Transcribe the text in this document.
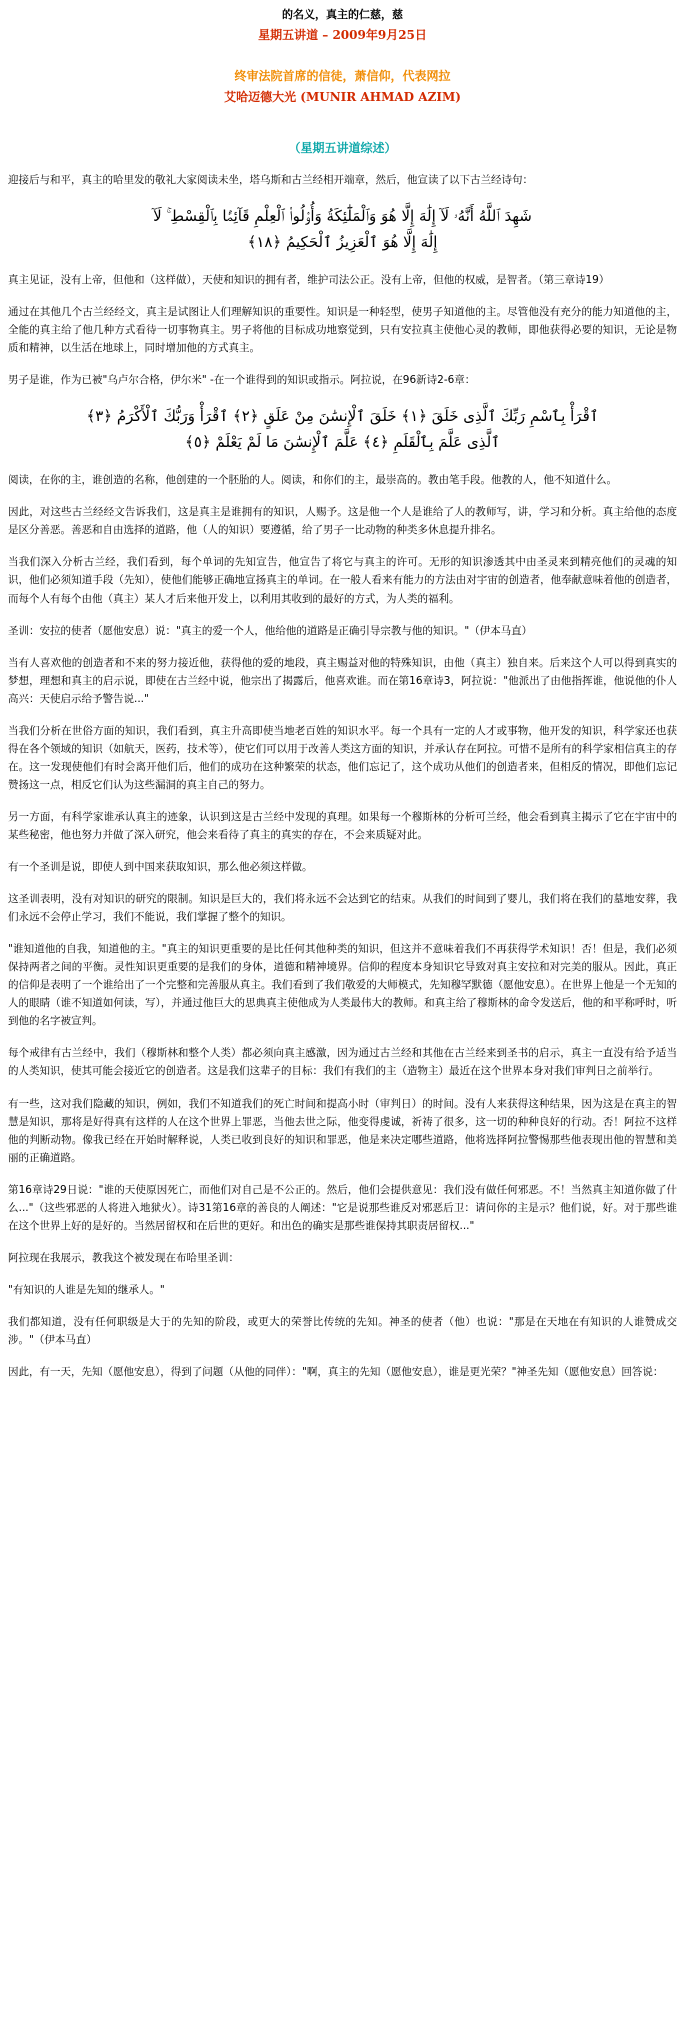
的名义，真主的仁慈，慈

星期五讲道 – 2009年9月25日

终审法院首席的信徒，萧信仰，代表网拉

艾哈迈德大光 (MUNIR AHMAD AZIM)

（星期五讲道综述）

迎接后与和平，真主的哈里发的敬礼大家阅读未坐，塔乌斯和古兰经相开端章，然后，他宣读了以下古兰经诗句：

شَهِدَ ٱللَّهُ أَنَّهُۥ لَآ إِلَٰهَ إِلَّا هُوَ وَٱلْمَلَٰٓئِكَةُ وَأُو۟لُوا۟ ٱلْعِلْمِ قَآئِمًۢا بِٱلْقِسْطِ ۚ لَآ
إِلَٰهَ إِلَّا هُوَ ٱلْعَزِيزُ ٱلْحَكِيمُ ﴿١٨﴾

真主见证，没有上帝，但他和（这样做），天使和知识的拥有者，维护司法公正。没有上帝，但他的权威，是智者。（第三章诗19）

通过在其他几个古兰经经文，真主是试图让人们理解知识的重要性。知识是一种轻型，使男子知道他的主。尽管他没有充分的能力知道他的主，全能的真主给了他几种方式看待一切事物真主。男子将他的目标成功地察觉到，只有安拉真主使他心灵的教师，即他获得必要的知识，无论是物质和精神，以生活在地球上，同时增加他的方式真主。

男子是谁，作为已被"乌卢尔合格，伊尔米" -在一个谁得到的知识或指示。阿拉说，在96新诗2-6章：

ٱقْرَأْ بِٱسْمِ رَبِّكَ ٱلَّذِى خَلَقَ ﴿١﴾ خَلَقَ ٱلْإِنسَٰنَ مِنْ عَلَقٍ ﴿٢﴾ ٱقْرَأْ وَرَبُّكَ ٱلْأَكْرَمُ ﴿٣﴾
ٱلَّذِى عَلَّمَ بِٱلْقَلَمِ ﴿٤﴾ عَلَّمَ ٱلْإِنسَٰنَ مَا لَمْ يَعْلَمْ ﴿٥﴾

阅读，在你的主，谁创造的名称，他创建的一个胚胎的人。阅读，和你们的主，最崇高的。教由笔手段。他教的人，他不知道什么。

因此，对这些古兰经经文告诉我们，这是真主是谁拥有的知识，人赐予。这是他一个人是谁给了人的教师写，讲，学习和分析。真主给他的态度是区分善恶。善恶和自由选择的道路，他（人的知识）要遵循，给了男子一比动物的种类多休息提升排名。

当我们深入分析古兰经，我们看到，每个单词的先知宣告，他宣告了将它与真主的许可。无形的知识渗透其中由圣灵来到精亮他们的灵魂的知识，他们必须知道手段（先知），使他们能够正确地宣扬真主的单词。在一般人看来有能力的方法由对宇宙的创造者，他奉献意味着他的创造者，而每个人有每个由他（真主）某人才后来他开发上，以利用其收到的最好的方式，为人类的福利。

圣训：安拉的使者（愿他安息）说："真主的爱一个人，他给他的道路是正确引导宗教与他的知识。"（伊本马直）

当有人喜欢他的创造者和不来的努力接近他，获得他的爱的地段，真主赐益对他的特殊知识，由他（真主）独自来。后来这个人可以得到真实的梦想，理想和真主的启示说，即使在古兰经中说，他宗出了揭露后，他喜欢谁。而在第16章诗3，阿拉说："他派出了由他指挥谁，他说他的仆人高兴：天使启示给予警告说..."

当我们分析在世俗方面的知识，我们看到，真主升高即使当地老百姓的知识水平。每一个具有一定的人才或事物，他开发的知识，科学家还也获得在各个领域的知识（如航天，医药，技术等），使它们可以用于改善人类这方面的知识，并承认存在阿拉。可惜不是所有的科学家相信真主的存在。这一发现使他们有时会离开他们后，他们的成功在这种繁荣的状态，他们忘记了，这个成功从他们的创造者来，但相反的情况，即他们忘记赞扬这一点，相反它们认为这些漏洞的真主自己的努力。

另一方面，有科学家谁承认真主的迹象，认识到这是古兰经中发现的真理。如果每一个穆斯林的分析可兰经，他会看到真主揭示了它在宇宙中的某些秘密，他也努力并做了深入研究，他会来看待了真主的真实的存在，不会来质疑对此。

有一个圣训是说，即使人到中国来获取知识，那么他必须这样做。

这圣训表明，没有对知识的研究的限制。知识是巨大的，我们将永远不会达到它的结束。从我们的时间到了婴儿，我们将在我们的墓地安葬，我们永远不会停止学习，我们不能说，我们掌握了整个的知识。

"谁知道他的自我，知道他的主。"真主的知识更重要的是比任何其他种类的知识，但这并不意味着我们不再获得学术知识！否！但是，我们必须保持两者之间的平衡。灵性知识更重要的是我们的身体，道德和精神境界。信仰的程度本身知识它导致对真主安拉和对完美的服从。因此，真正的信仰是表明了一个谁给出了一个完整和完善服从真主。我们看到了我们敬爱的大师模式，先知穆罕默德（愿他安息）。在世界上他是一个无知的人的眼睛（谁不知道如何读，写），并通过他巨大的思典真主使他成为人类最伟大的教师。和真主给了穆斯林的命令发送后，他的和平称呼时，听到他的名字被宣判。

每个戒律有古兰经中，我们（穆斯林和整个人类）都必须向真主感激，因为通过古兰经和其他在古兰经来到圣书的启示，真主一直没有给予适当的人类知识，使其可能会接近它的创造者。这是我们这辈子的目标：我们有我们的主（造物主）最近在这个世界本身对我们审判日之前举行。

有一些，这对我们隐藏的知识，例如，我们不知道我们的死亡时间和提高小时（审判日）的时间。没有人来获得这种结果，因为这是在真主的智慧是知识，那将是好得真有这样的人在这个世界上罪恶，当他去世之际，他变得虔诚，祈祷了很多，这一切的种种良好的行动。否！阿拉不这样他的判断动物。像我已经在开始时解释说，人类已收到良好的知识和罪恶，他是来决定哪些道路，他将选择阿拉警惕那些他表现出他的智慧和美丽的正确道路。

第16章诗29日说："谁的天使原因死亡，而他们对自己是不公正的。然后，他们会提供意见：我们没有做任何邪恶。不！当然真主知道你做了什么..."（这些邪恶的人将进入地狱火）。诗31第16章的善良的人阐述："它是说那些谁反对邪恶后卫：请问你的主是示？他们说，好。对于那些谁在这个世界上好的是好的。当然居留权和在后世的更好。和出色的确实是那些谁保持其职责居留权..."

阿拉现在我展示，教我这个被发现在布哈里圣训：

"有知识的人谁是先知的继承人。"

我们都知道，没有任何职级是大于的先知的阶段，或更大的荣誉比传统的先知。神圣的使者（他）也说："那是在天地在有知识的人谁赞成交涉。"（伊本马直）

因此，有一天，先知（愿他安息），得到了问题（从他的同伴）："啊，真主的先知（愿他安息），谁是更光荣？"神圣先知（愿他安息）回答说：
